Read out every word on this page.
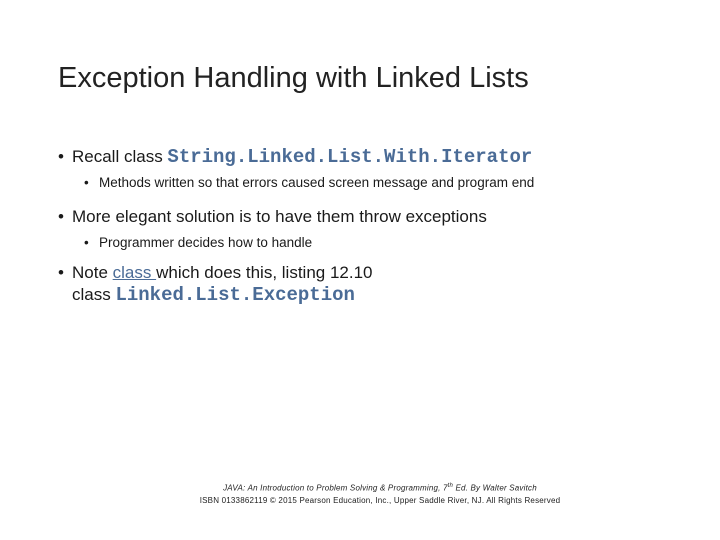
Exception Handling with Linked Lists
• Recall class String.Linked.List.With.Iterator
• Methods written so that errors caused screen message and program end
• More elegant solution is to have them throw exceptions
• Programmer decides how to handle
• Note class which does this, listing 12.10
class Linked.List.Exception
JAVA: An Introduction to Problem Solving & Programming, 7th Ed. By Walter Savitch
ISBN 0133862119 © 2015 Pearson Education, Inc., Upper Saddle River, NJ. All Rights Reserved
